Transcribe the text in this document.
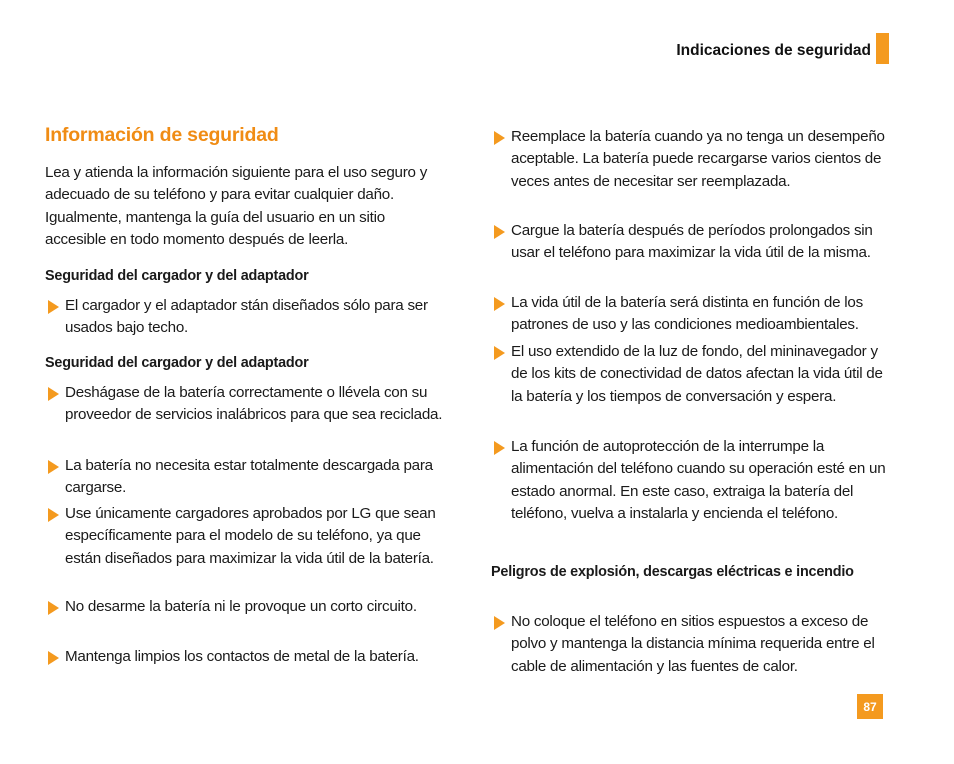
Indicaciones de seguridad
Información de seguridad

Lea y atienda la información siguiente para el uso seguro y adecuado de su teléfono y para evitar cualquier daño. Igualmente, mantenga la guía del usuario en un sitio accesible en todo momento después de leerla.

Seguridad del cargador y del adaptador

El cargador y el adaptador stán diseñados sólo para ser usados bajo techo.

Seguridad del cargador y del adaptador

Deshágase de la batería correctamente o llévela con su proveedor de servicios inalábricos para que sea reciclada.
La batería no necesita estar totalmente descargada para cargarse.
Use únicamente cargadores aprobados por LG que sean específicamente para el modelo de su teléfono, ya que están diseñados para maximizar la vida útil de la batería.
No desarme la batería ni le provoque un corto circuito.
Mantenga limpios los contactos de metal de la batería.
Reemplace la batería cuando ya no tenga un desempeño aceptable. La batería puede recargarse varios cientos de veces antes de necesitar ser reemplazada.
Cargue la batería después de períodos prolongados sin usar el teléfono para maximizar la vida útil de la misma.
La vida útil de la batería será distinta en función de los patrones de uso y las condiciones medioambientales.
El uso extendido de la luz de fondo, del mininavegador y de los kits de conectividad de datos afectan la vida útil de la batería y los tiempos de conversación y espera.
La función de autoprotección de la interrumpe la alimentación del teléfono cuando su operación esté en un estado anormal. En este caso, extraiga la batería del teléfono, vuelva a instalarla y encienda el teléfono.

Peligros de explosión, descargas eléctricas e incendio

No coloque el teléfono en sitios espuestos a exceso de polvo y mantenga la distancia mínima requerida entre el cable de alimentación y las fuentes de calor.
87
